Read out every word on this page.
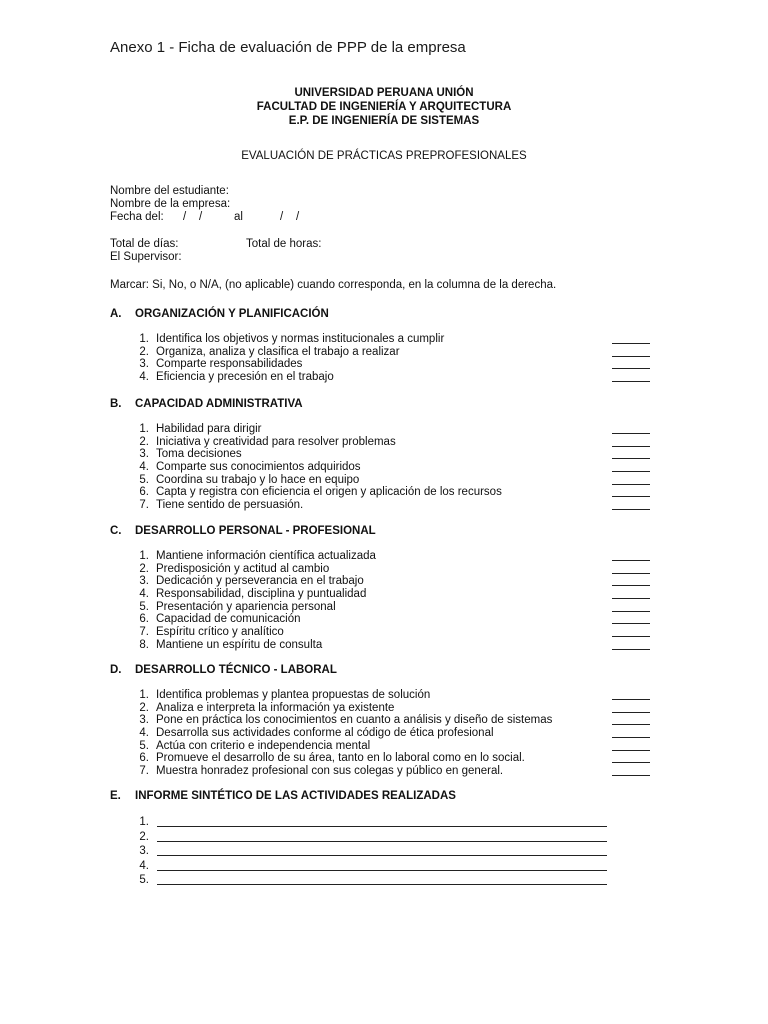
Anexo 1 - Ficha de evaluación de PPP de la empresa
UNIVERSIDAD PERUANA UNIÓN
FACULTAD DE INGENIERÍA Y ARQUITECTURA
E.P. DE INGENIERÍA DE SISTEMAS
EVALUACIÓN DE PRÁCTICAS PREPROFESIONALES
Nombre del estudiante:
Nombre de la empresa:
Fecha del: /    /	al	/    /
Total de días:	Total de horas:
El Supervisor:
Marcar: Si, No, o N/A, (no aplicable) cuando corresponda, en la columna de la derecha.
A. ORGANIZACIÓN Y PLANIFICACIÓN
1. Identifica los objetivos y normas institucionales a cumplir
2. Organiza, analiza y clasifica el trabajo a realizar
3. Comparte responsabilidades
4. Eficiencia y precesión en el trabajo
B. CAPACIDAD ADMINISTRATIVA
1. Habilidad para dirigir
2. Iniciativa y creatividad para resolver problemas
3. Toma decisiones
4. Comparte sus conocimientos adquiridos
5. Coordina su trabajo y lo hace en equipo
6. Capta y registra con eficiencia el origen y aplicación de los recursos
7. Tiene sentido de persuasión.
C. DESARROLLO PERSONAL - PROFESIONAL
1. Mantiene información científica actualizada
2. Predisposición y actitud al cambio
3. Dedicación y perseverancia en el trabajo
4. Responsabilidad, disciplina y puntualidad
5. Presentación y apariencia personal
6. Capacidad de comunicación
7. Espíritu crítico y analítico
8. Mantiene un espíritu de consulta
D. DESARROLLO TÉCNICO - LABORAL
1. Identifica problemas y plantea propuestas de solución
2. Analiza e interpreta la información ya existente
3. Pone en práctica los conocimientos en cuanto a análisis y diseño de sistemas
4. Desarrolla sus actividades conforme al código de ética profesional
5. Actúa con criterio e independencia mental
6. Promueve el desarrollo de su área, tanto en lo laboral como en lo social.
7. Muestra honradez profesional con sus colegas y público en general.
E. INFORME SINTÉTICO DE LAS ACTIVIDADES REALIZADAS
1.
2.
3.
4.
5.
